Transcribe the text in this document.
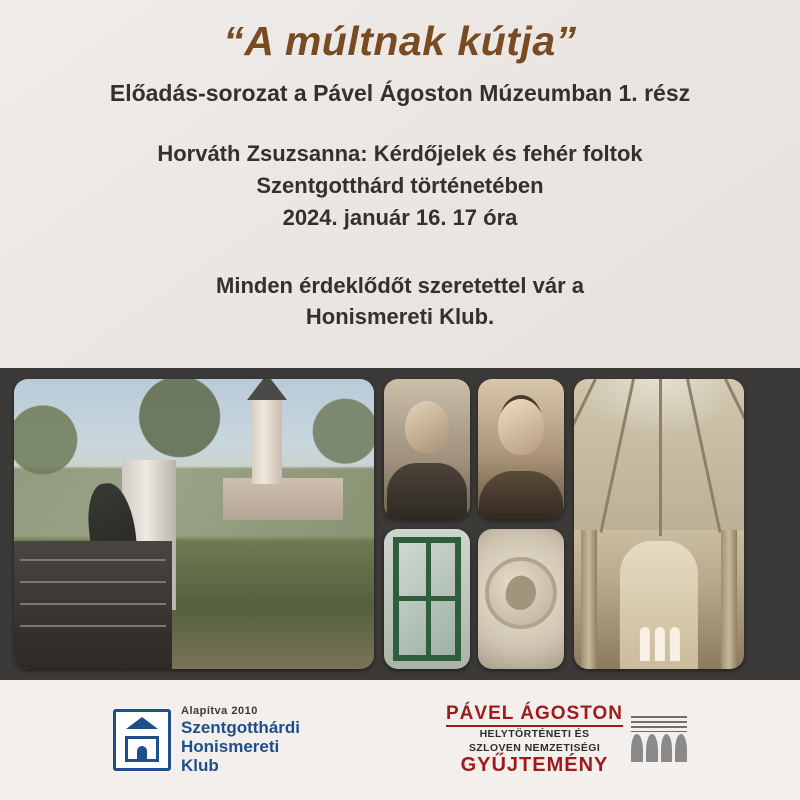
“A múltnak kútja”
Előadás-sorozat a Pável Ágoston Múzeumban 1. rész
Horváth Zsuzsanna: Kérdőjelek és fehér foltok
Szentgotthárd történetében
2024. január 16. 17 óra
Minden érdeklődőt szeretettel vár a
Honismereti Klub.
Alapítva 2010
Szentgotthárdi
Honismereti
Klub
PÁVEL ÁGOSTON
HELYTÖRTÉNETI ÉS
SZLOVEN NEMZETISÉGI
GYŰJTEMÉNY
